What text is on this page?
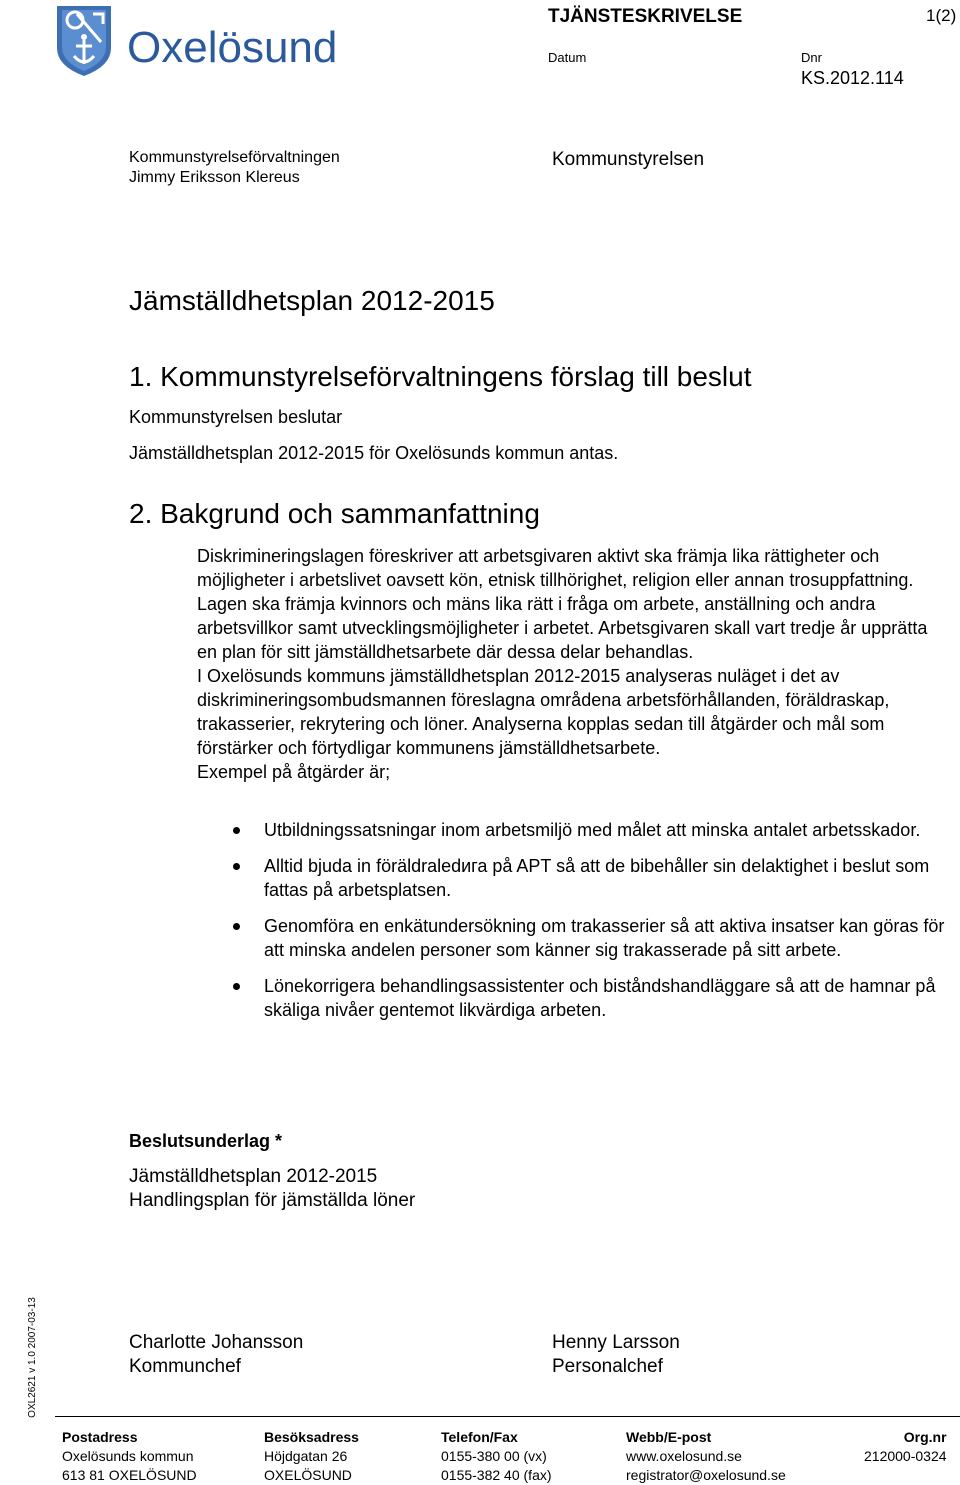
Oxelösund
TJÄNSTESKRIVELSE	1(2)
Datum	Dnr
KS.2012.114
Kommunstyrelseförvaltningen
Jimmy Eriksson Klereus
Kommunstyrelsen
Jämställdhetsplan 2012-2015
1. Kommunstyrelseförvaltningens förslag till beslut
Kommunstyrelsen beslutar
Jämställdhetsplan 2012-2015 för Oxelösunds kommun antas.
2. Bakgrund och sammanfattning

Diskrimineringslagen föreskriver att arbetsgivaren aktivt ska främja lika rättigheter och möjligheter i arbetslivet oavsett kön, etnisk tillhörighet, religion eller annan trosuppfattning. Lagen ska främja kvinnors och mäns lika rätt i fråga om arbete, anställning och andra arbetsvillkor samt utvecklingsmöjligheter i arbetet. Arbetsgivaren skall vart tredje år upprätta en plan för sitt jämställdhetsarbete där dessa delar behandlas.

I Oxelösunds kommuns jämställdhetsplan 2012-2015 analyseras nuläget i det av diskrimineringsombudsmannen föreslagna områdena arbetsförhållanden, föräldraskap, trakasserier, rekrytering och löner. Analyserna kopplas sedan till åtgärder och mål som förstärker och förtydligar kommunens jämställdhetsarbete.

Exempel på åtgärder är;

Utbildningssatsningar inom arbetsmiljö med målet att minska antalet arbetsskador.
Alltid bjuda in föräldraledига på APT så att de bibehåller sin delaktighet i beslut som fattas på arbetsplatsen.
Genomföra en enkätundersökning om trakasserier så att aktiva insatser kan göras för att minska andelen personer som känner sig trakasserade på sitt arbete.
Lönekorrigera behandlingsassistenter och biståndshandläggare så att de hamnar på skäliga nivåer gentemot likvärdiga arbeten.
Beslutsunderlag *
Jämställdhetsplan 2012-2015
Handlingsplan för jämställda löner
Charlotte Johansson
Kommunchef
Henny Larsson
Personalchef
OXL2621 v 1.0 2007-03-13
Postadress
Oxelösunds kommun
613 81 OXELÖSUND
Besöksadress
Höjdgatan 26
OXELÖSUND
Telefon/Fax
0155-380 00 (vx)
0155-382 40 (fax)
Webb/E-post
www.oxelosund.se
registrator@oxelosund.se
Org.nr
212000-0324
